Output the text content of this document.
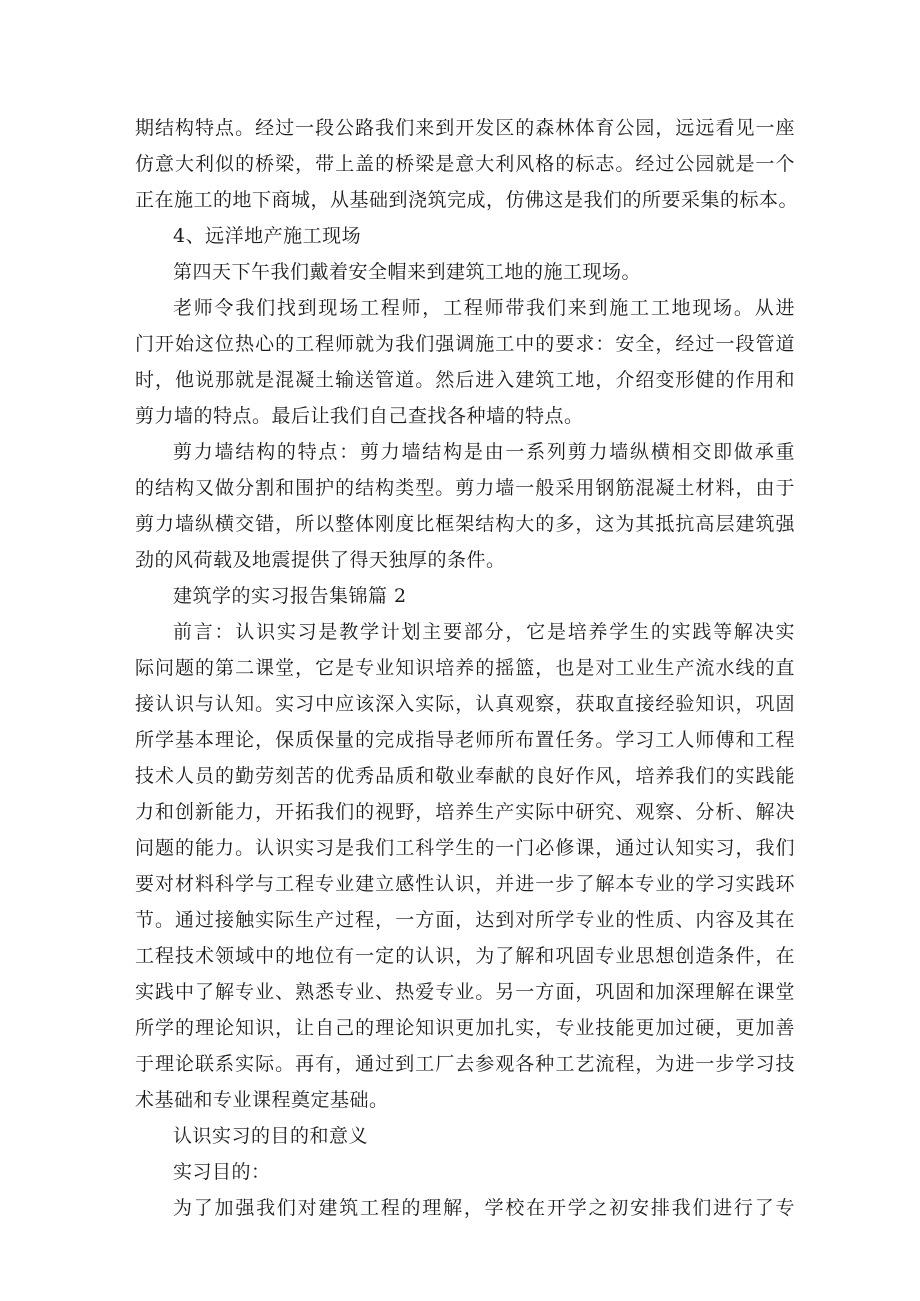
期结构特点。经过一段公路我们来到开发区的森林体育公园，远远看见一座
仿意大利似的桥梁，带上盖的桥梁是意大利风格的标志。经过公园就是一个
正在施工的地下商城，从基础到浇筑完成，仿佛这是我们的所要采集的标本。
4、远洋地产施工现场
第四天下午我们戴着安全帽来到建筑工地的施工现场。
老师令我们找到现场工程师，工程师带我们来到施工工地现场。从进
门开始这位热心的工程师就为我们强调施工中的要求：安全，经过一段管道
时，他说那就是混凝土输送管道。然后进入建筑工地，介绍变形健的作用和
剪力墙的特点。最后让我们自己查找各种墙的特点。
剪力墙结构的特点：剪力墙结构是由一系列剪力墙纵横相交即做承重
的结构又做分割和围护的结构类型。剪力墙一般采用钢筋混凝土材料，由于
剪力墙纵横交错，所以整体刚度比框架结构大的多，这为其抵抗高层建筑强
劲的风荷载及地震提供了得天独厚的条件。
建筑学的实习报告集锦篇 2
前言：认识实习是教学计划主要部分，它是培养学生的实践等解决实
际问题的第二课堂，它是专业知识培养的摇篮，也是对工业生产流水线的直
接认识与认知。实习中应该深入实际，认真观察，获取直接经验知识，巩固
所学基本理论，保质保量的完成指导老师所布置任务。学习工人师傅和工程
技术人员的勤劳刻苦的优秀品质和敬业奉献的良好作风，培养我们的实践能
力和创新能力，开拓我们的视野，培养生产实际中研究、观察、分析、解决
问题的能力。认识实习是我们工科学生的一门必修课，通过认知实习，我们
要对材料科学与工程专业建立感性认识，并进一步了解本专业的学习实践环
节。通过接触实际生产过程，一方面，达到对所学专业的性质、内容及其在
工程技术领域中的地位有一定的认识，为了解和巩固专业思想创造条件，在
实践中了解专业、熟悉专业、热爱专业。另一方面，巩固和加深理解在课堂
所学的理论知识，让自己的理论知识更加扎实，专业技能更加过硬，更加善
于理论联系实际。再有，通过到工厂去参观各种工艺流程，为进一步学习技
术基础和专业课程奠定基础。
认识实习的目的和意义
实习目的：
为了加强我们对建筑工程的理解，学校在开学之初安排我们进行了专
